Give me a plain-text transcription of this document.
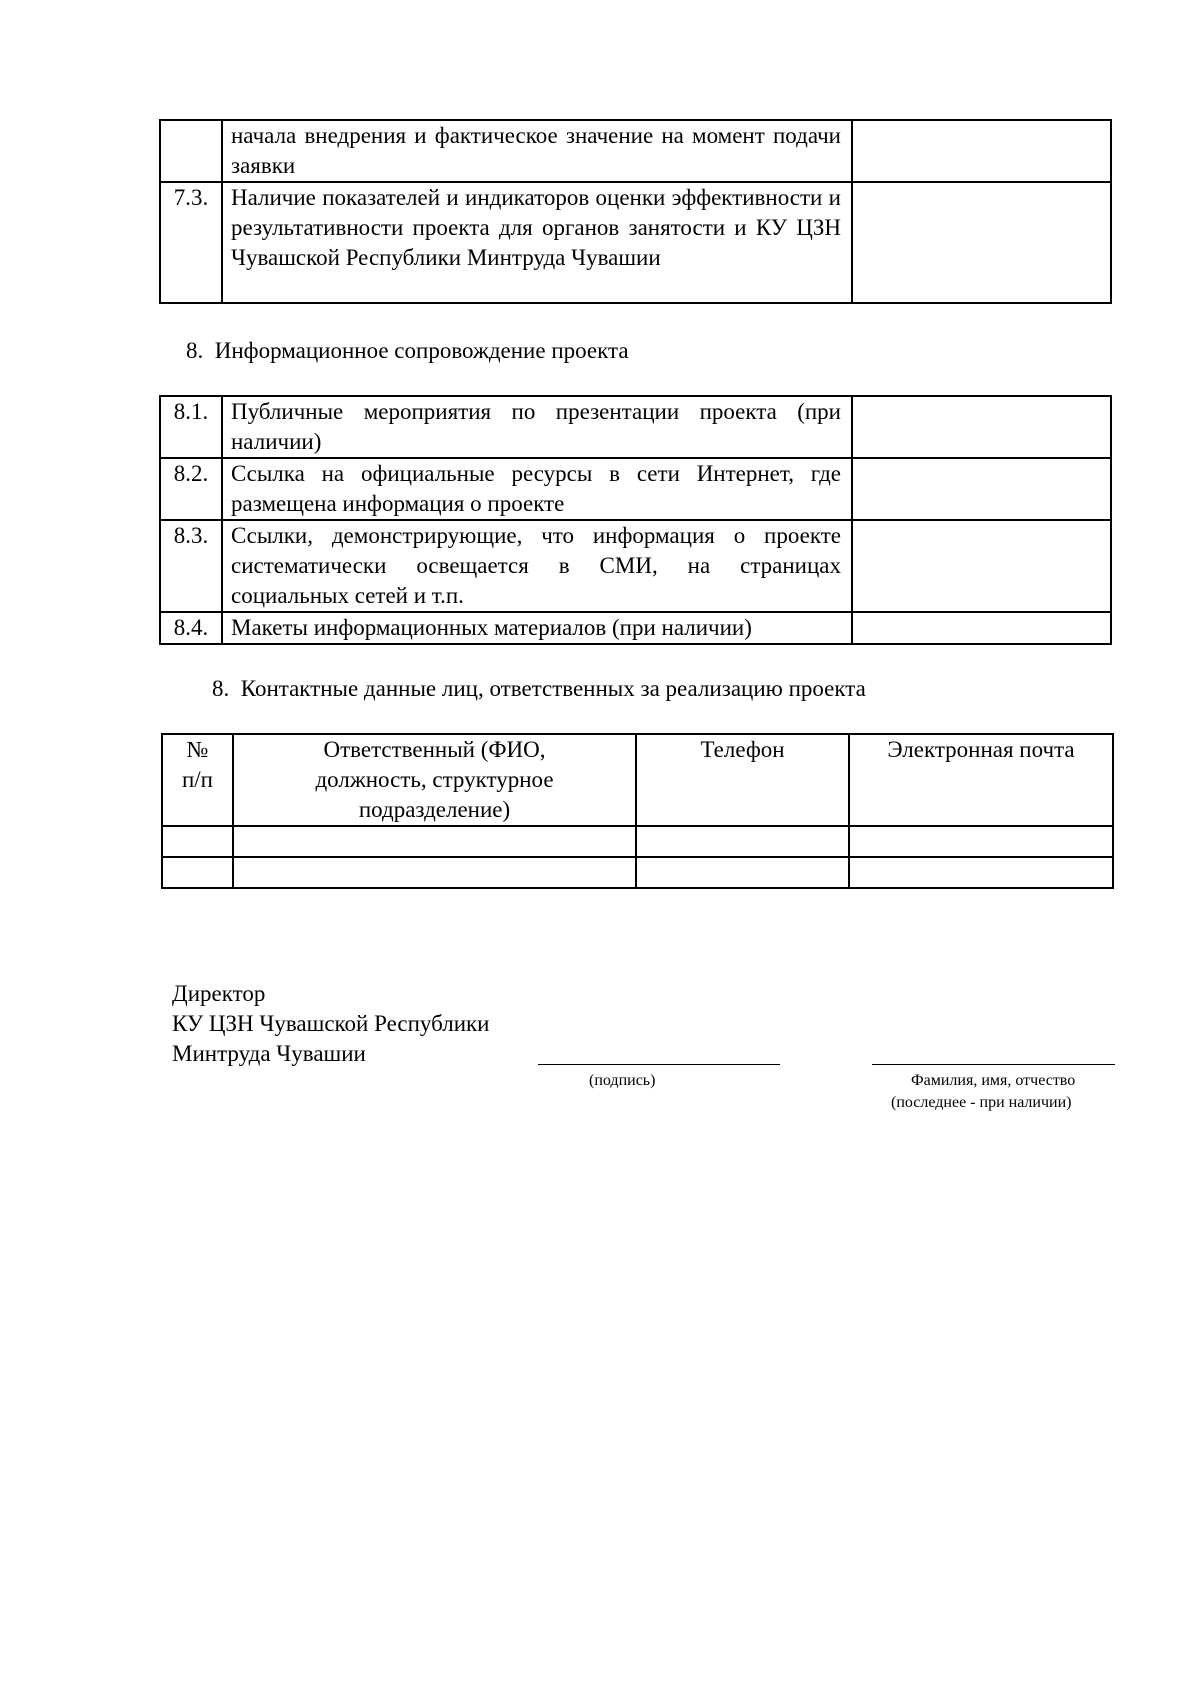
	начала внедрения и фактическое значение на момент подачи заявки	
7.3.	Наличие показателей и индикаторов оценки эффективности и результативности проекта для органов занятости и КУ ЦЗН Чувашской Республики Минтруда Чувашии	
8. Информационное сопровождение проекта
8.1.	Публичные мероприятия по презентации проекта (при наличии)	
8.2.	Ссылка на официальные ресурсы в сети Интернет, где размещена информация о проекте	
8.3.	Ссылки, демонстрирующие, что информация о проекте систематически освещается в СМИ, на страницах социальных сетей и т.п.	
8.4.	Макеты информационных материалов (при наличии)	
8. Контактные данные лиц, ответственных за реализацию проекта
№ п/п	Ответственный (ФИО, должность, структурное подразделение)	Телефон	Электронная почта

Директор
КУ ЦЗН Чувашской Республики
Минтруда Чувашии
(подпись)	Фамилия, имя, отчество
(последнее - при наличии)
